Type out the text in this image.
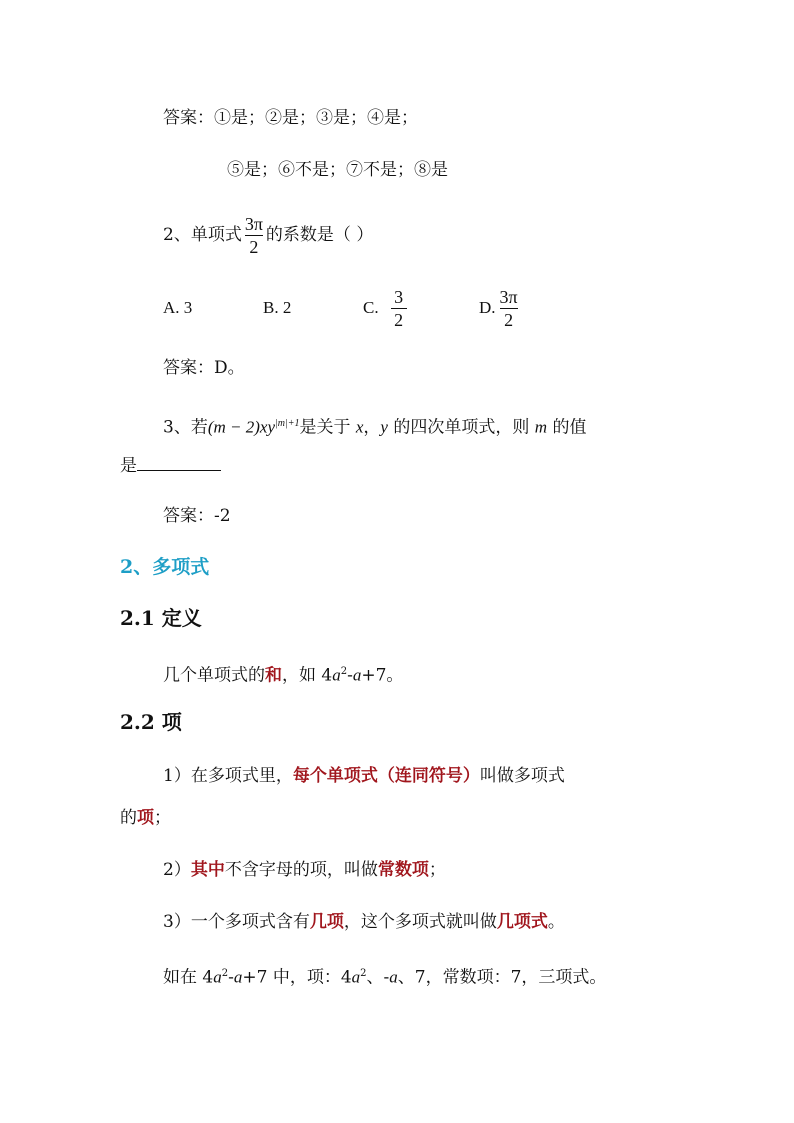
答案：①是；②是；③是；④是；
⑤是；⑥不是；⑦不是；⑧是
2、单项式 $\frac{3\pi}{2}$ 的系数是（ ）
A. 3	B. 2	C. $\frac{3}{2}$	D. $\frac{3\pi}{2}$
答案：D。
3、若$(m - 2)xy^{|m|+1}$是关于 x，y 的四次单项式，则 m 的值
是
答案：-2
2、多项式
2.1 定义
几个单项式的和，如 $4a^2-a+7$。
2.2 项
1）在多项式里，每个单项式（连同符号）叫做多项式
的项；
2）其中不含字母的项，叫做常数项；
3）一个多项式含有几项，这个多项式就叫做几项式。
如在 $4a^2-a+7$ 中，项：$4a^2$、-a、7，常数项：7，三项式。
